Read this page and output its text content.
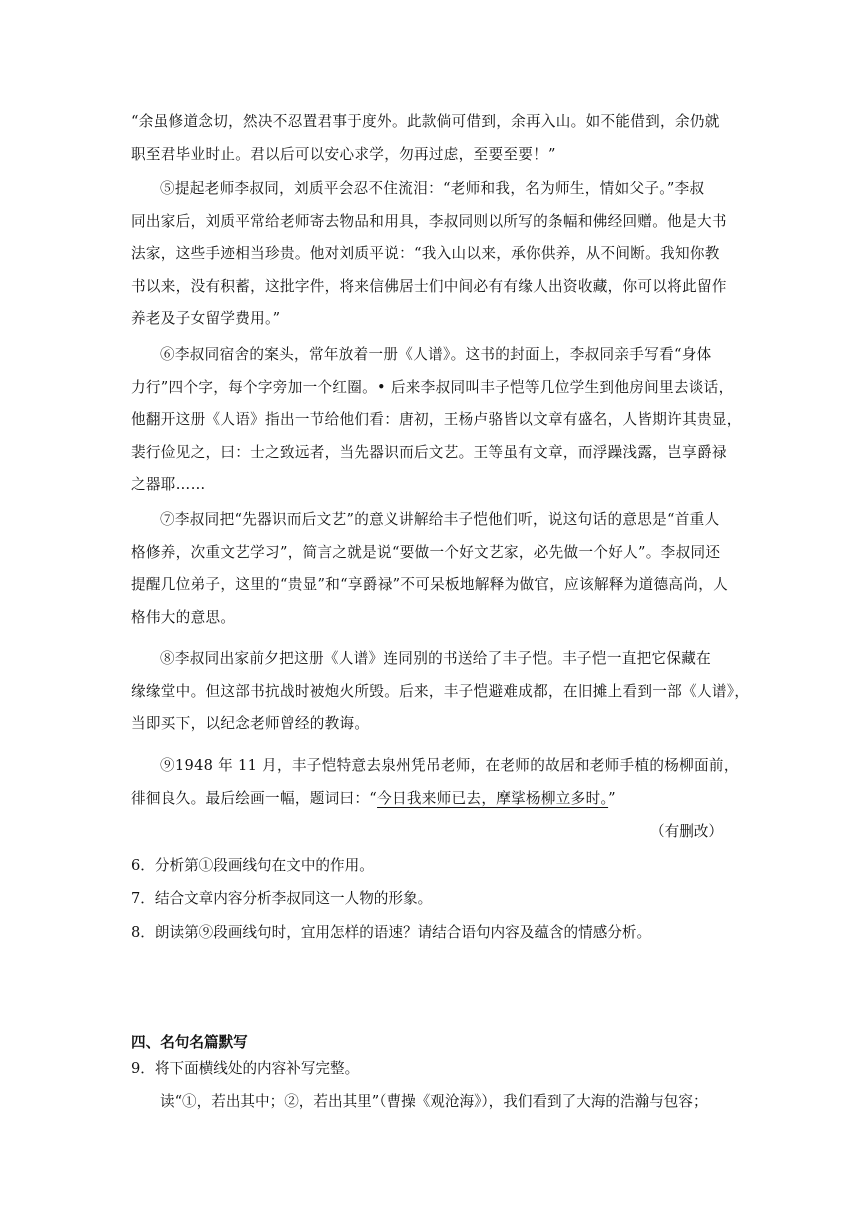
“余虽修道念切，然决不忍置君事于度外。此款倘可借到，余再入山。如不能借到，余仍就
职至君毕业时止。君以后可以安心求学，勿再过虑，至要至要！”
⑤提起老师李叔同，刘质平会忍不住流泪：“老师和我，名为师生，情如父子。”李叔
同出家后，刘质平常给老师寄去物品和用具，李叔同则以所写的条幅和佛经回赠。他是大书
法家，这些手迹相当珍贵。他对刘质平说：“我入山以来，承你供养，从不间断。我知你教
书以来，没有积蓄，这批字件，将来信佛居士们中间必有有缘人出资收藏，你可以将此留作
养老及子女留学费用。”
⑥李叔同宿舍的案头，常年放着一册《人谱》。这书的封面上，李叔同亲手写看“身体
力行”四个字，每个字旁加一个红圈。• 后来李叔同叫丰子恺等几位学生到他房间里去谈话，
他翻开这册《人语》指出一节给他们看：唐初，王杨卢骆皆以文章有盛名，人皆期许其贵显，
裴行俭见之，曰：士之致远者，当先器识而后文艺。王等虽有文章，而浮躁浅露，岂享爵禄
之器耶……
⑦李叔同把“先器识而后文艺”的意义讲解给丰子恺他们听，说这句话的意思是“首重人
格修养，次重文艺学习”，简言之就是说“要做一个好文艺家，必先做一个好人”。李叔同还
提醒几位弟子，这里的“贵显”和“享爵禄”不可呆板地解释为做官，应该解释为道德高尚，人
格伟大的意思。
⑧李叔同出家前夕把这册《人谱》连同别的书送给了丰子恺。丰子恺一直把它保藏在
缘缘堂中。但这部书抗战时被炮火所毁。后来，丰子恺避难成都，在旧摊上看到一部《人谱》，
当即买下，以纪念老师曾经的教诲。
⑨1948 年 11 月，丰子恺特意去泉州凭吊老师，在老师的故居和老师手植的杨柳面前，
徘徊良久。最后绘画一幅，题词曰：“今日我来师已去，摩挲杨柳立多时。”
（有删改）
6．分析第①段画线句在文中的作用。
7．结合文章内容分析李叔同这一人物的形象。
8．朗读第⑨段画线句时，宜用怎样的语速？请结合语句内容及蕴含的情感分析。
四、名句名篇默写
9．将下面横线处的内容补写完整。
读“①，若出其中；②，若出其里”（曹操《观沧海》），我们看到了大海的浩瀚与包容；
